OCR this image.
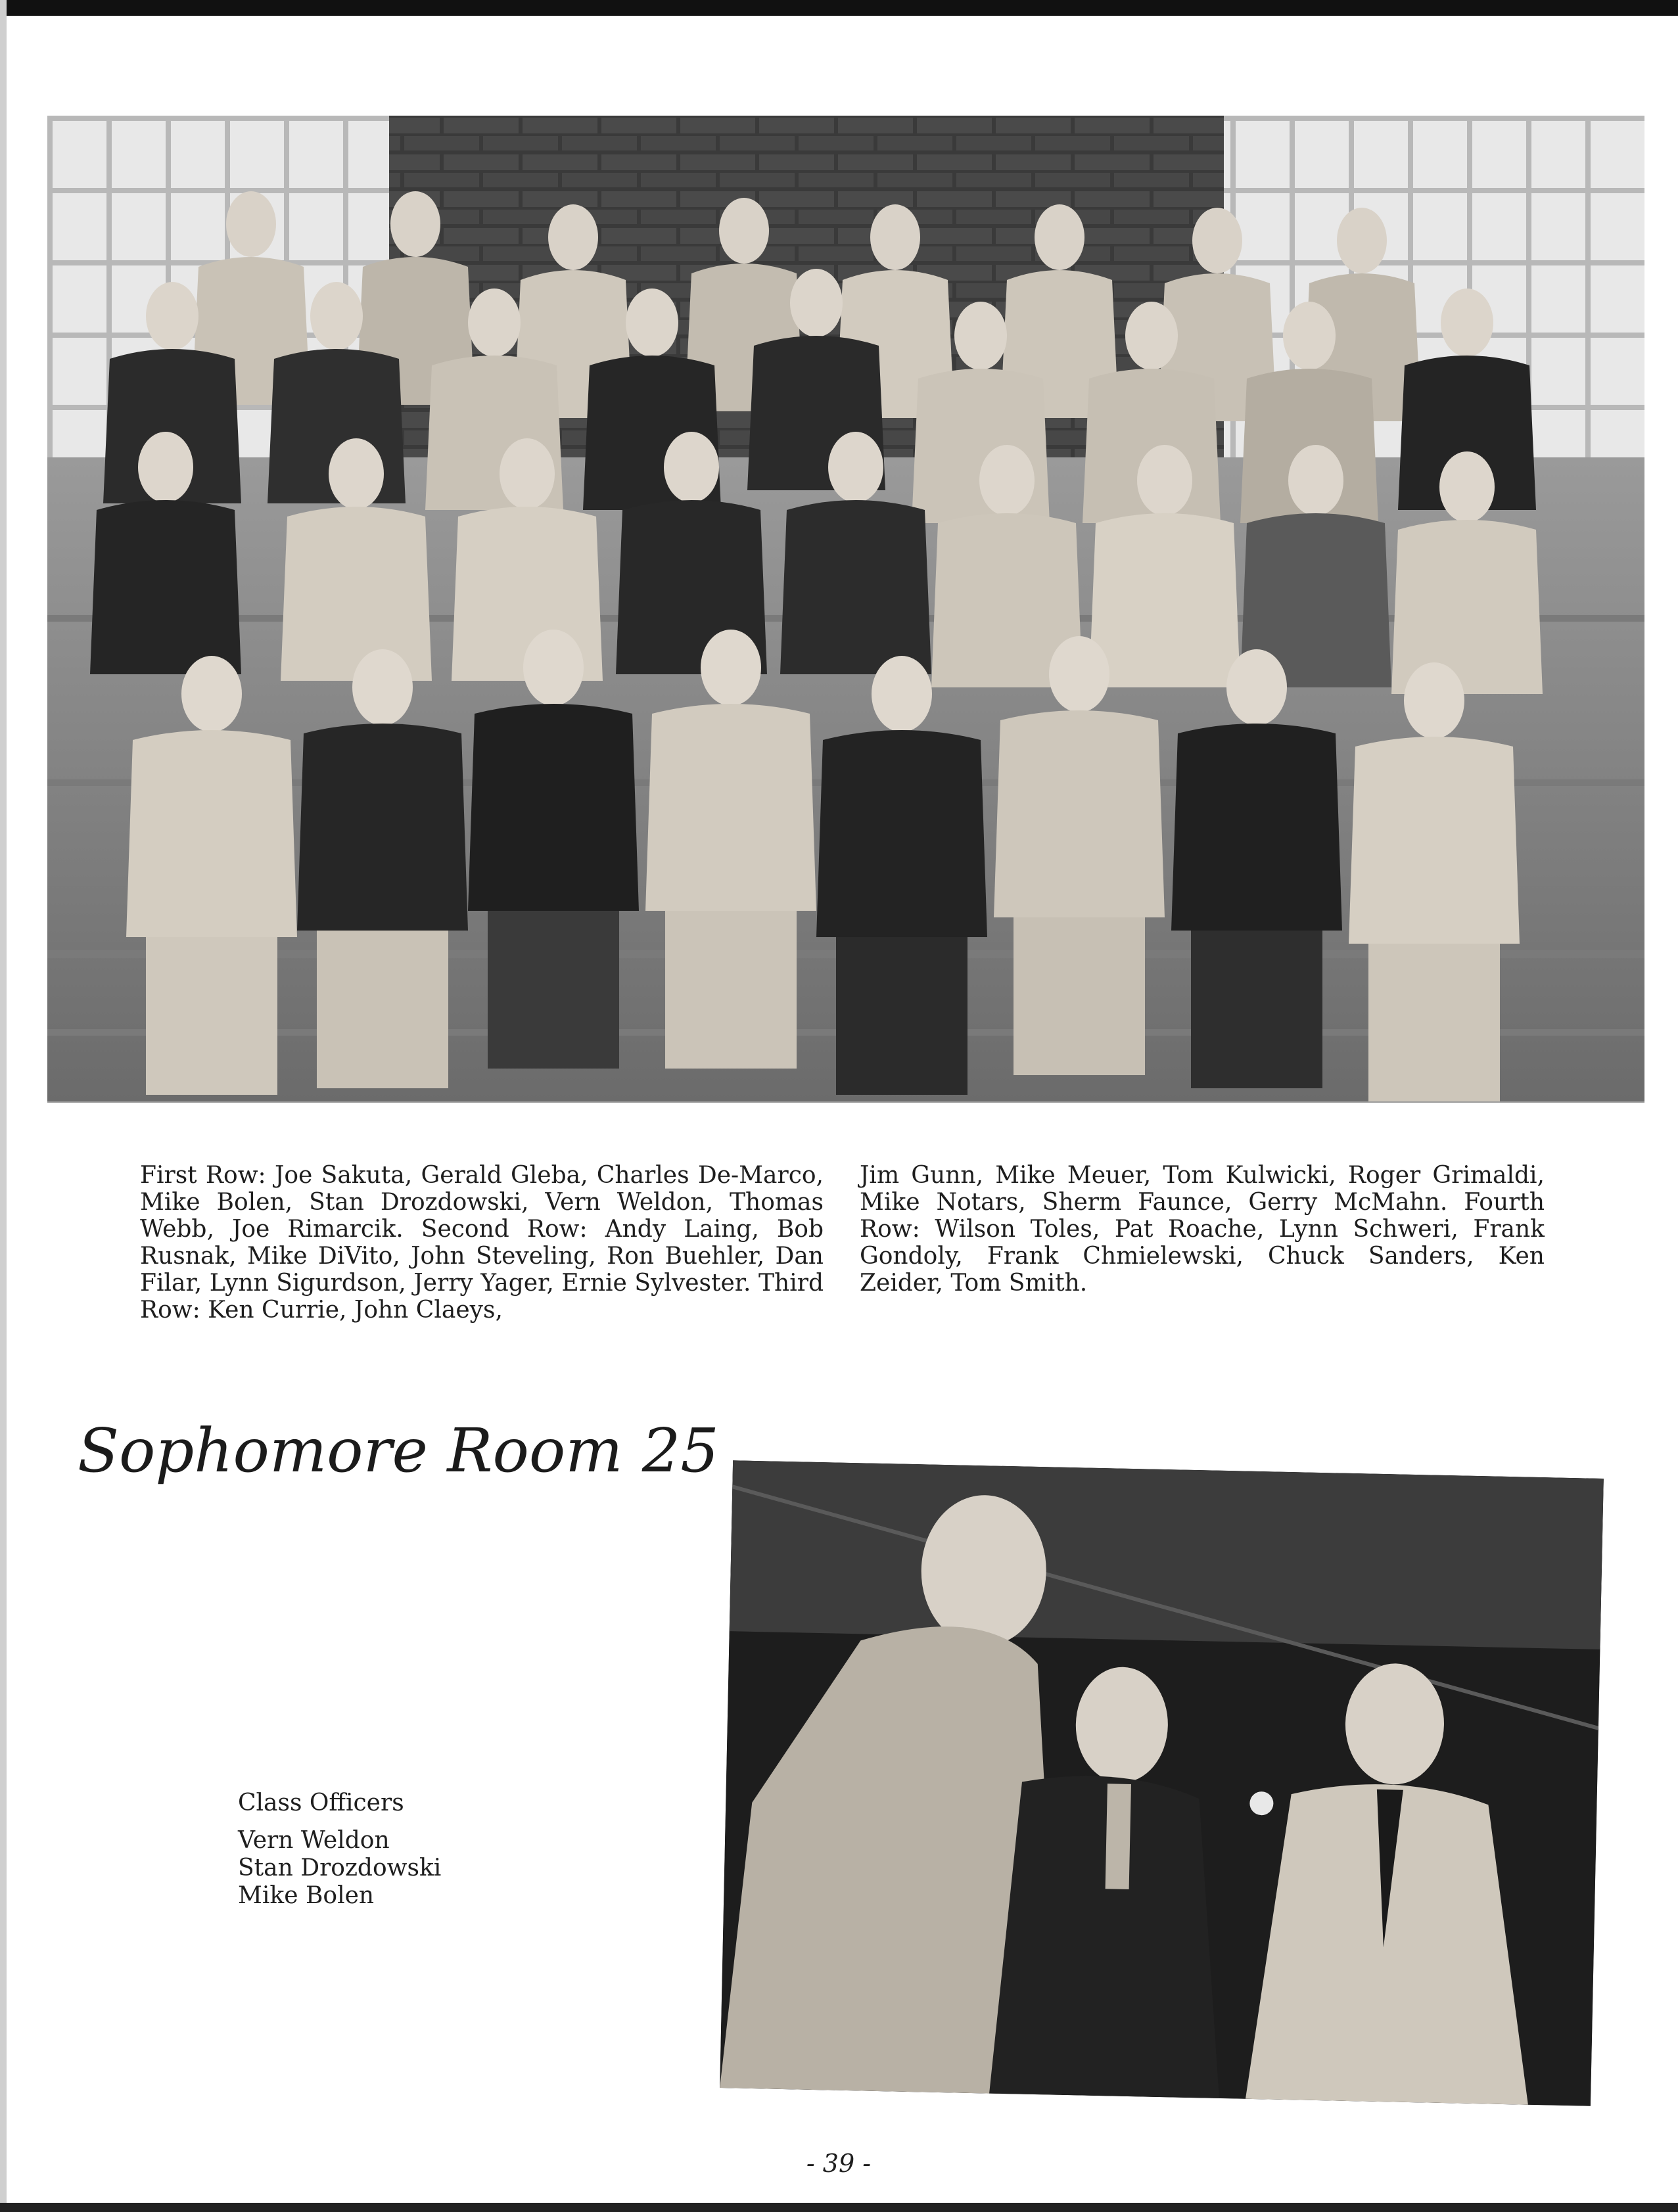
First Row: Joe Sakuta, Gerald Gleba, Charles De-Marco, Mike Bolen, Stan Drozdowski, Vern Weldon, Thomas Webb, Joe Rimarcik. Second Row: Andy Laing, Bob Rusnak, Mike DiVito, John Steveling, Ron Buehler, Dan Filar, Lynn Sigurdson, Jerry Yager, Ernie Sylvester. Third Row: Ken Currie, John Claeys,

Jim Gunn, Mike Meuer, Tom Kulwicki, Roger Grimaldi, Mike Notars, Sherm Faunce, Gerry McMahn. Fourth Row: Wilson Toles, Pat Roache, Lynn Schweri, Frank Gondoly, Frank Chmielewski, Chuck Sanders, Ken Zeider, Tom Smith.

Sophomore Room 25
Class Officers
Vern Weldon
Stan Drozdowski
Mike Bolen
- 39 -
